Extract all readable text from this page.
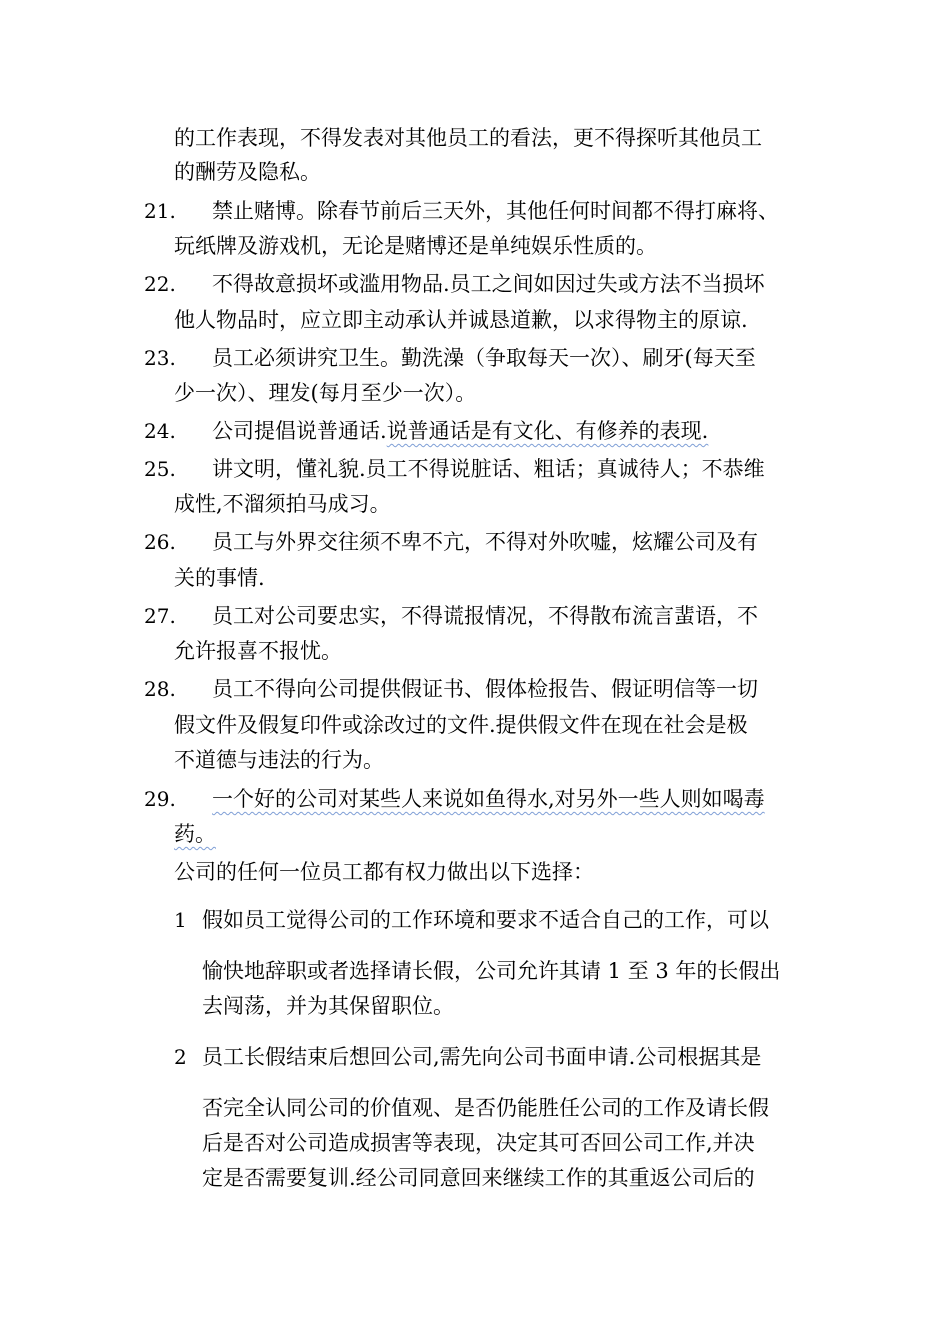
的工作表现，不得发表对其他员工的看法，更不得探听其他员工
的酬劳及隐私。
21. 禁止赌博。除春节前后三天外，其他任何时间都不得打麻将、
玩纸牌及游戏机，无论是赌博还是单纯娱乐性质的。
22. 不得故意损坏或滥用物品.员工之间如因过失或方法不当损坏
他人物品时，应立即主动承认并诚恳道歉，以求得物主的原谅.
23. 员工必须讲究卫生。勤洗澡（争取每天一次）、刷牙(每天至
少一次）、理发(每月至少一次）。
24. 公司提倡说普通话.说普通话是有文化、有修养的表现.
25. 讲文明，懂礼貌.员工不得说脏话、粗话；真诚待人；不恭维
成性,不溜须拍马成习。
26. 员工与外界交往须不卑不亢，不得对外吹嘘，炫耀公司及有
关的事情.
27. 员工对公司要忠实，不得谎报情况，不得散布流言蜚语，不
允许报喜不报忧。
28. 员工不得向公司提供假证书、假体检报告、假证明信等一切
假文件及假复印件或涂改过的文件.提供假文件在现在社会是极
不道德与违法的行为。
29. 一个好的公司对某些人来说如鱼得水,对另外一些人则如喝毒
药。
公司的任何一位员工都有权力做出以下选择：
1 假如员工觉得公司的工作环境和要求不适合自己的工作，可以
愉快地辞职或者选择请长假，公司允许其请 1 至 3 年的长假出
去闯荡，并为其保留职位。
2 员工长假结束后想回公司,需先向公司书面申请.公司根据其是
否完全认同公司的价值观、是否仍能胜任公司的工作及请长假
后是否对公司造成损害等表现，决定其可否回公司工作,并决
定是否需要复训.经公司同意回来继续工作的其重返公司后的
